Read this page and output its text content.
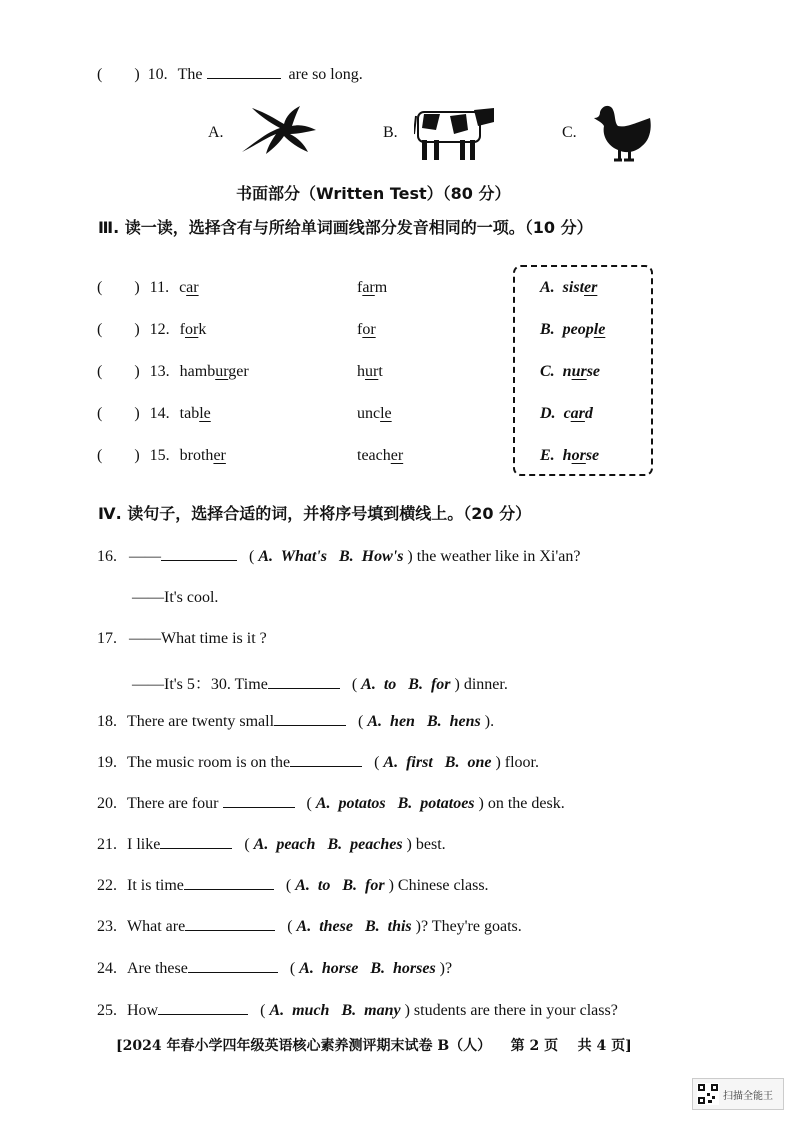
(        ) 10. The	are so long.
A.	B.	C.
书面部分（Written Test）（80 分）
Ⅲ. 读一读，选择含有与所给单词画线部分发音相同的一项。（10 分）
(        ) 11. car	farm
(        ) 12. fork	for
(        ) 13. hamburger	hurt
(        ) 14. table	uncle
(        ) 15. brother	teacher
A. sister
B. people
C. nurse
D. card
E. horse
Ⅳ. 读句子，选择合适的词，并将序号填到横线上。（20 分）
16. ——	( A.  What's B.  How's ) the weather like in Xi'an?
——It's cool.
17. ——What time is it ?
——It's 5：30. Time	( A.  to B.  for ) dinner.
18. There are twenty small	( A.  hen B.  hens ).
19. The music room is on the	( A.  first B.  one ) floor.
20. There are four	( A.  potatos B.  potatoes ) on the desk.
21. I like	( A.  peach B.  peaches ) best.
22. It is time	( A.  to B.  for ) Chinese class.
23. What are	( A.  these B.  this )? They're goats.
24. Are these	( A.  horse B.  horses )?
25. How	( A.  much B.  many ) students are there in your class?
[2024 年春小学四年级英语核心素养测评期末试卷 B（人）    第 2 页    共 4 页]
扫描全能王
